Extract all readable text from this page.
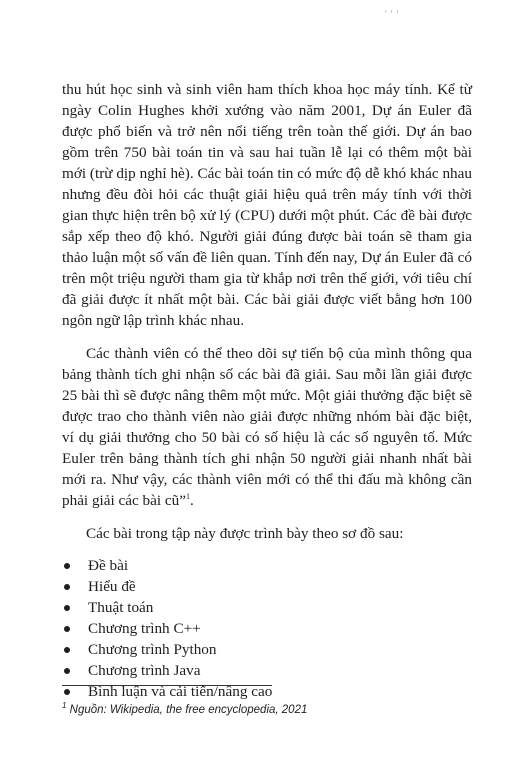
' ' '

thu hút học sinh và sinh viên ham thích khoa học máy tính. Kể từ ngày Colin Hughes khởi xướng vào năm 2001, Dự án Euler đã được phổ biến và trở nên nổi tiếng trên toàn thế giới. Dự án bao gồm trên 750 bài toán tin và sau hai tuần lễ lại có thêm một bài mới (trừ dịp nghỉ hè). Các bài toán tin có mức độ dễ khó khác nhau nhưng đều đòi hỏi các thuật giải hiệu quả trên máy tính với thời gian thực hiện trên bộ xử lý (CPU) dưới một phút. Các đề bài được sắp xếp theo độ khó. Người giải đúng được bài toán sẽ tham gia thảo luận một số vấn đề liên quan. Tính đến nay, Dự án Euler đã có trên một triệu người tham gia từ khắp nơi trên thế giới, với tiêu chí đã giải được ít nhất một bài. Các bài giải được viết bằng hơn 100 ngôn ngữ lập trình khác nhau.

Các thành viên có thể theo dõi sự tiến bộ của mình thông qua bảng thành tích ghi nhận số các bài đã giải. Sau mỗi lần giải được 25 bài thì sẽ được nâng thêm một mức. Một giải thưởng đặc biệt sẽ được trao cho thành viên nào giải được những nhóm bài đặc biệt, ví dụ giải thưởng cho 50 bài có số hiệu là các số nguyên tố. Mức Euler trên bảng thành tích ghi nhận 50 người giải nhanh nhất bài mới ra. Như vậy, các thành viên mới có thể thi đấu mà không cần phải giải các bài cũ”$^1$.

Các bài trong tập này được trình bày theo sơ đồ sau:

Đề bài
Hiểu đề
Thuật toán
Chương trình C++
Chương trình Python
Chương trình Java
Bình luận và cải tiến/nâng cao
$^1$ Nguồn: Wikipedia, the free encyclopedia, 2021
